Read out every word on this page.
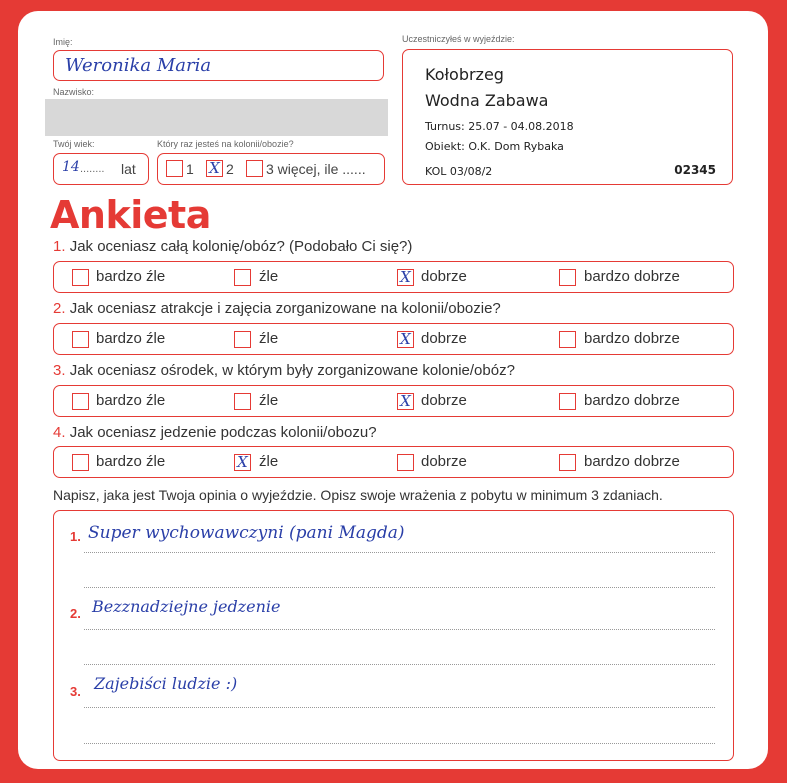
Imię:
Weronika Maria
Nazwisko:
Twój wiek:
14 ........ lat
Który raz jesteś na kolonii/obozie?
1 X 2 3 więcej, ile ......
Uczestniczyłeś w wyjeździe:
Kołobrzeg
Wodna Zabawa
Turnus: 25.07 - 04.08.2018
Obiekt: O.K. Dom Rybaka
KOL 03/08/2	02345
Ankieta
1. Jak oceniasz całą kolonię/obóz? (Podobało Ci się?)
bardzo źle	źle	X dobrze	bardzo dobrze
2. Jak oceniasz atrakcje i zajęcia zorganizowane na kolonii/obozie?
bardzo źle	źle	X dobrze	bardzo dobrze
3. Jak oceniasz ośrodek, w którym były zorganizowane kolonie/obóz?
bardzo źle	źle	X dobrze	bardzo dobrze
4. Jak oceniasz jedzenie podczas kolonii/obozu?
bardzo źle	X źle	dobrze	bardzo dobrze
Napisz, jaka jest Twoja opinia o wyjeździe. Opisz swoje wrażenia z pobytu w minimum 3 zdaniach.
1. Super wychowawczyni (pani Magda)
2. Bezznadziejne jedzenie
3. Zajebiści ludzie :)
